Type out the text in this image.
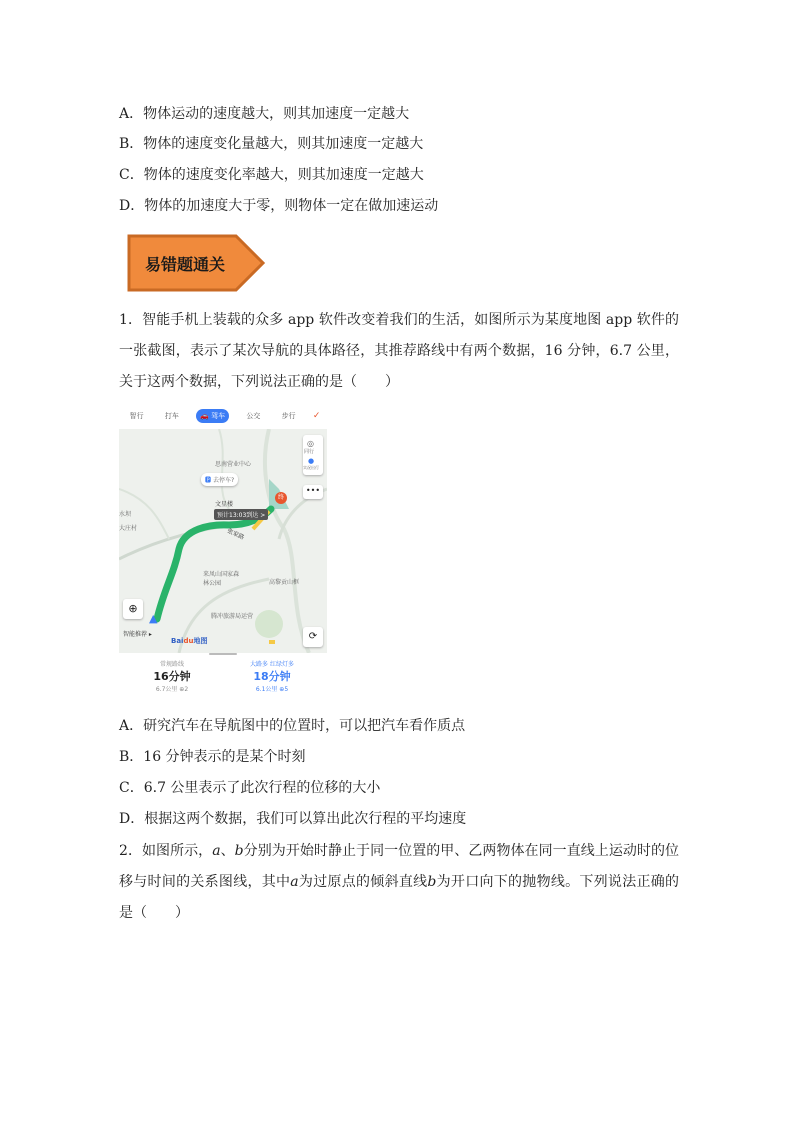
A．物体运动的速度越大，则其加速度一定越大
B．物体的速度变化量越大，则其加速度一定越大
C．物体的速度变化率越大，则其加速度一定越大
D．物体的加速度大于零，则物体一定在做加速运动
易错题通关
1．智能手机上装载的众多 app 软件改变着我们的生活，如图所示为某度地图 app 软件的一张截图，表示了某次导航的具体路径，其推荐路线中有两个数据，16 分钟，6.7 公里，关于这两个数据，下列说法正确的是（　　）
智行	打车	🚗 驾车	公交	步行	✓
思南营业中心
🅿 去停车?
文星楼
预计13:03到达 >
张家路
终
来凤山国家森林公园	高黎贡山框
腾冲旅游局运营
水坝
大庄村
◎
同行
●
实况出行
•••
▲
⊕
智能推荐 ▸
Baidu地图	⟳
常规路线
16分钟
6.7公里 ⊕2
大路多 红绿灯多
18分钟
6.1公里 ⊕5
A．研究汽车在导航图中的位置时，可以把汽车看作质点
B．16 分钟表示的是某个时刻
C．6.7 公里表示了此次行程的位移的大小
D．根据这两个数据，我们可以算出此次行程的平均速度
2．如图所示，a、b分别为开始时静止于同一位置的甲、乙两物体在同一直线上运动时的位移与时间的关系图线，其中a为过原点的倾斜直线b为开口向下的抛物线。下列说法正确的是（　　）
